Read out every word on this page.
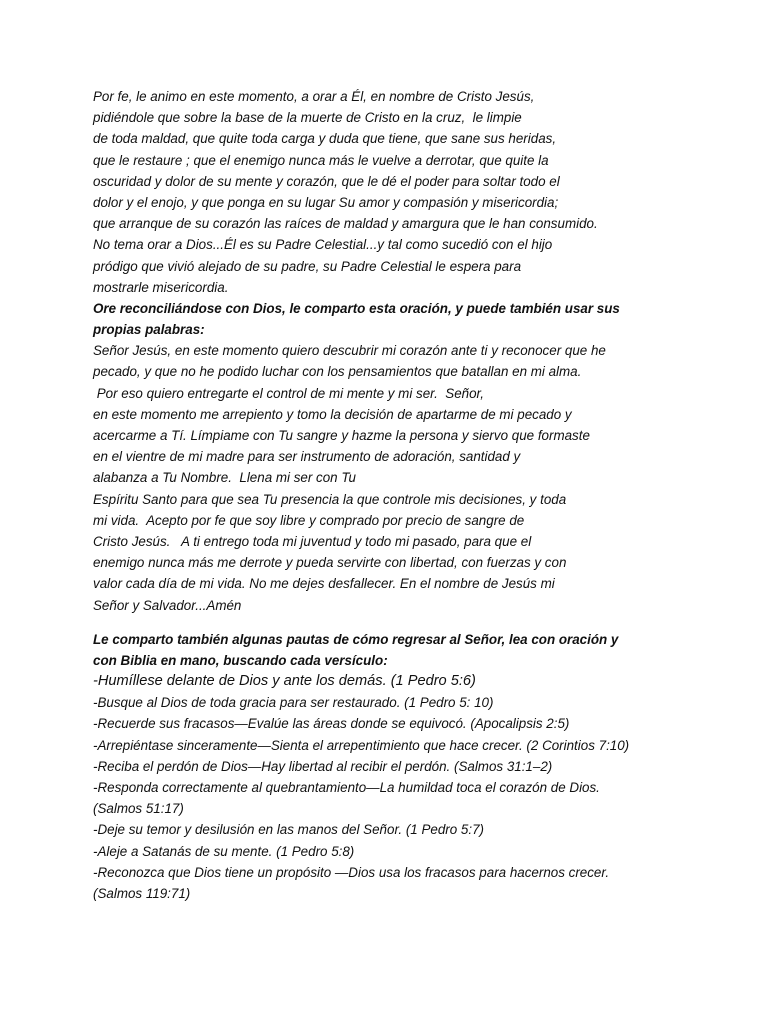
Por fe, le animo en este momento, a orar a Él, en nombre de Cristo Jesús,
pidiéndole que sobre la base de la muerte de Cristo en la cruz,  le limpie
de toda maldad, que quite toda carga y duda que tiene, que sane sus heridas,
que le restaure ; que el enemigo nunca más le vuelve a derrotar, que quite la
oscuridad y dolor de su mente y corazón, que le dé el poder para soltar todo el
dolor y el enojo, y que ponga en su lugar Su amor y compasión y misericordia;
que arranque de su corazón las raíces de maldad y amargura que le han consumido.
No tema orar a Dios...Él es su Padre Celestial...y tal como sucedió con el hijo
pródigo que vivió alejado de su padre, su Padre Celestial le espera para
mostrarle misericordia.
Ore reconciliándose con Dios, le comparto esta oración, y puede también usar sus
propias palabras:
Señor Jesús, en este momento quiero descubrir mi corazón ante ti y reconocer que he
pecado, y que no he podido luchar con los pensamientos que batallan en mi alma.
Por eso quiero entregarte el control de mi mente y mi ser.  Señor,
en este momento me arrepiento y tomo la decisión de apartarme de mi pecado y
acercarme a Tí. Límpiame con Tu sangre y hazme la persona y siervo que formaste
en el vientre de mi madre para ser instrumento de adoración, santidad y
alabanza a Tu Nombre.  Llena mi ser con Tu
Espíritu Santo para que sea Tu presencia la que controle mis decisiones, y toda
mi vida.  Acepto por fe que soy libre y comprado por precio de sangre de
Cristo Jesús.   A ti entrego toda mi juventud y todo mi pasado, para que el
enemigo nunca más me derrote y pueda servirte con libertad, con fuerzas y con
valor cada día de mi vida. No me dejes desfallecer. En el nombre de Jesús mi
Señor y Salvador...Amén
Le comparto también algunas pautas de cómo regresar al Señor, lea con oración y
con Biblia en mano, buscando cada versículo:
-Humíllese delante de Dios y ante los demás. (1 Pedro 5:6)
-Busque al Dios de toda gracia para ser restaurado. (1 Pedro 5: 10)
-Recuerde sus fracasos—Evalúe las áreas donde se equivocó. (Apocalipsis 2:5)
-Arrepiéntase sinceramente—Sienta el arrepentimiento que hace crecer. (2 Corintios 7:10)
-Reciba el perdón de Dios—Hay libertad al recibir el perdón. (Salmos 31:1–2)
-Responda correctamente al quebrantamiento—La humildad toca el corazón de Dios.
(Salmos 51:17)
-Deje su temor y desilusión en las manos del Señor. (1 Pedro 5:7)
-Aleje a Satanás de su mente. (1 Pedro 5:8)
-Reconozca que Dios tiene un propósito —Dios usa los fracasos para hacernos crecer.
(Salmos 119:71)
